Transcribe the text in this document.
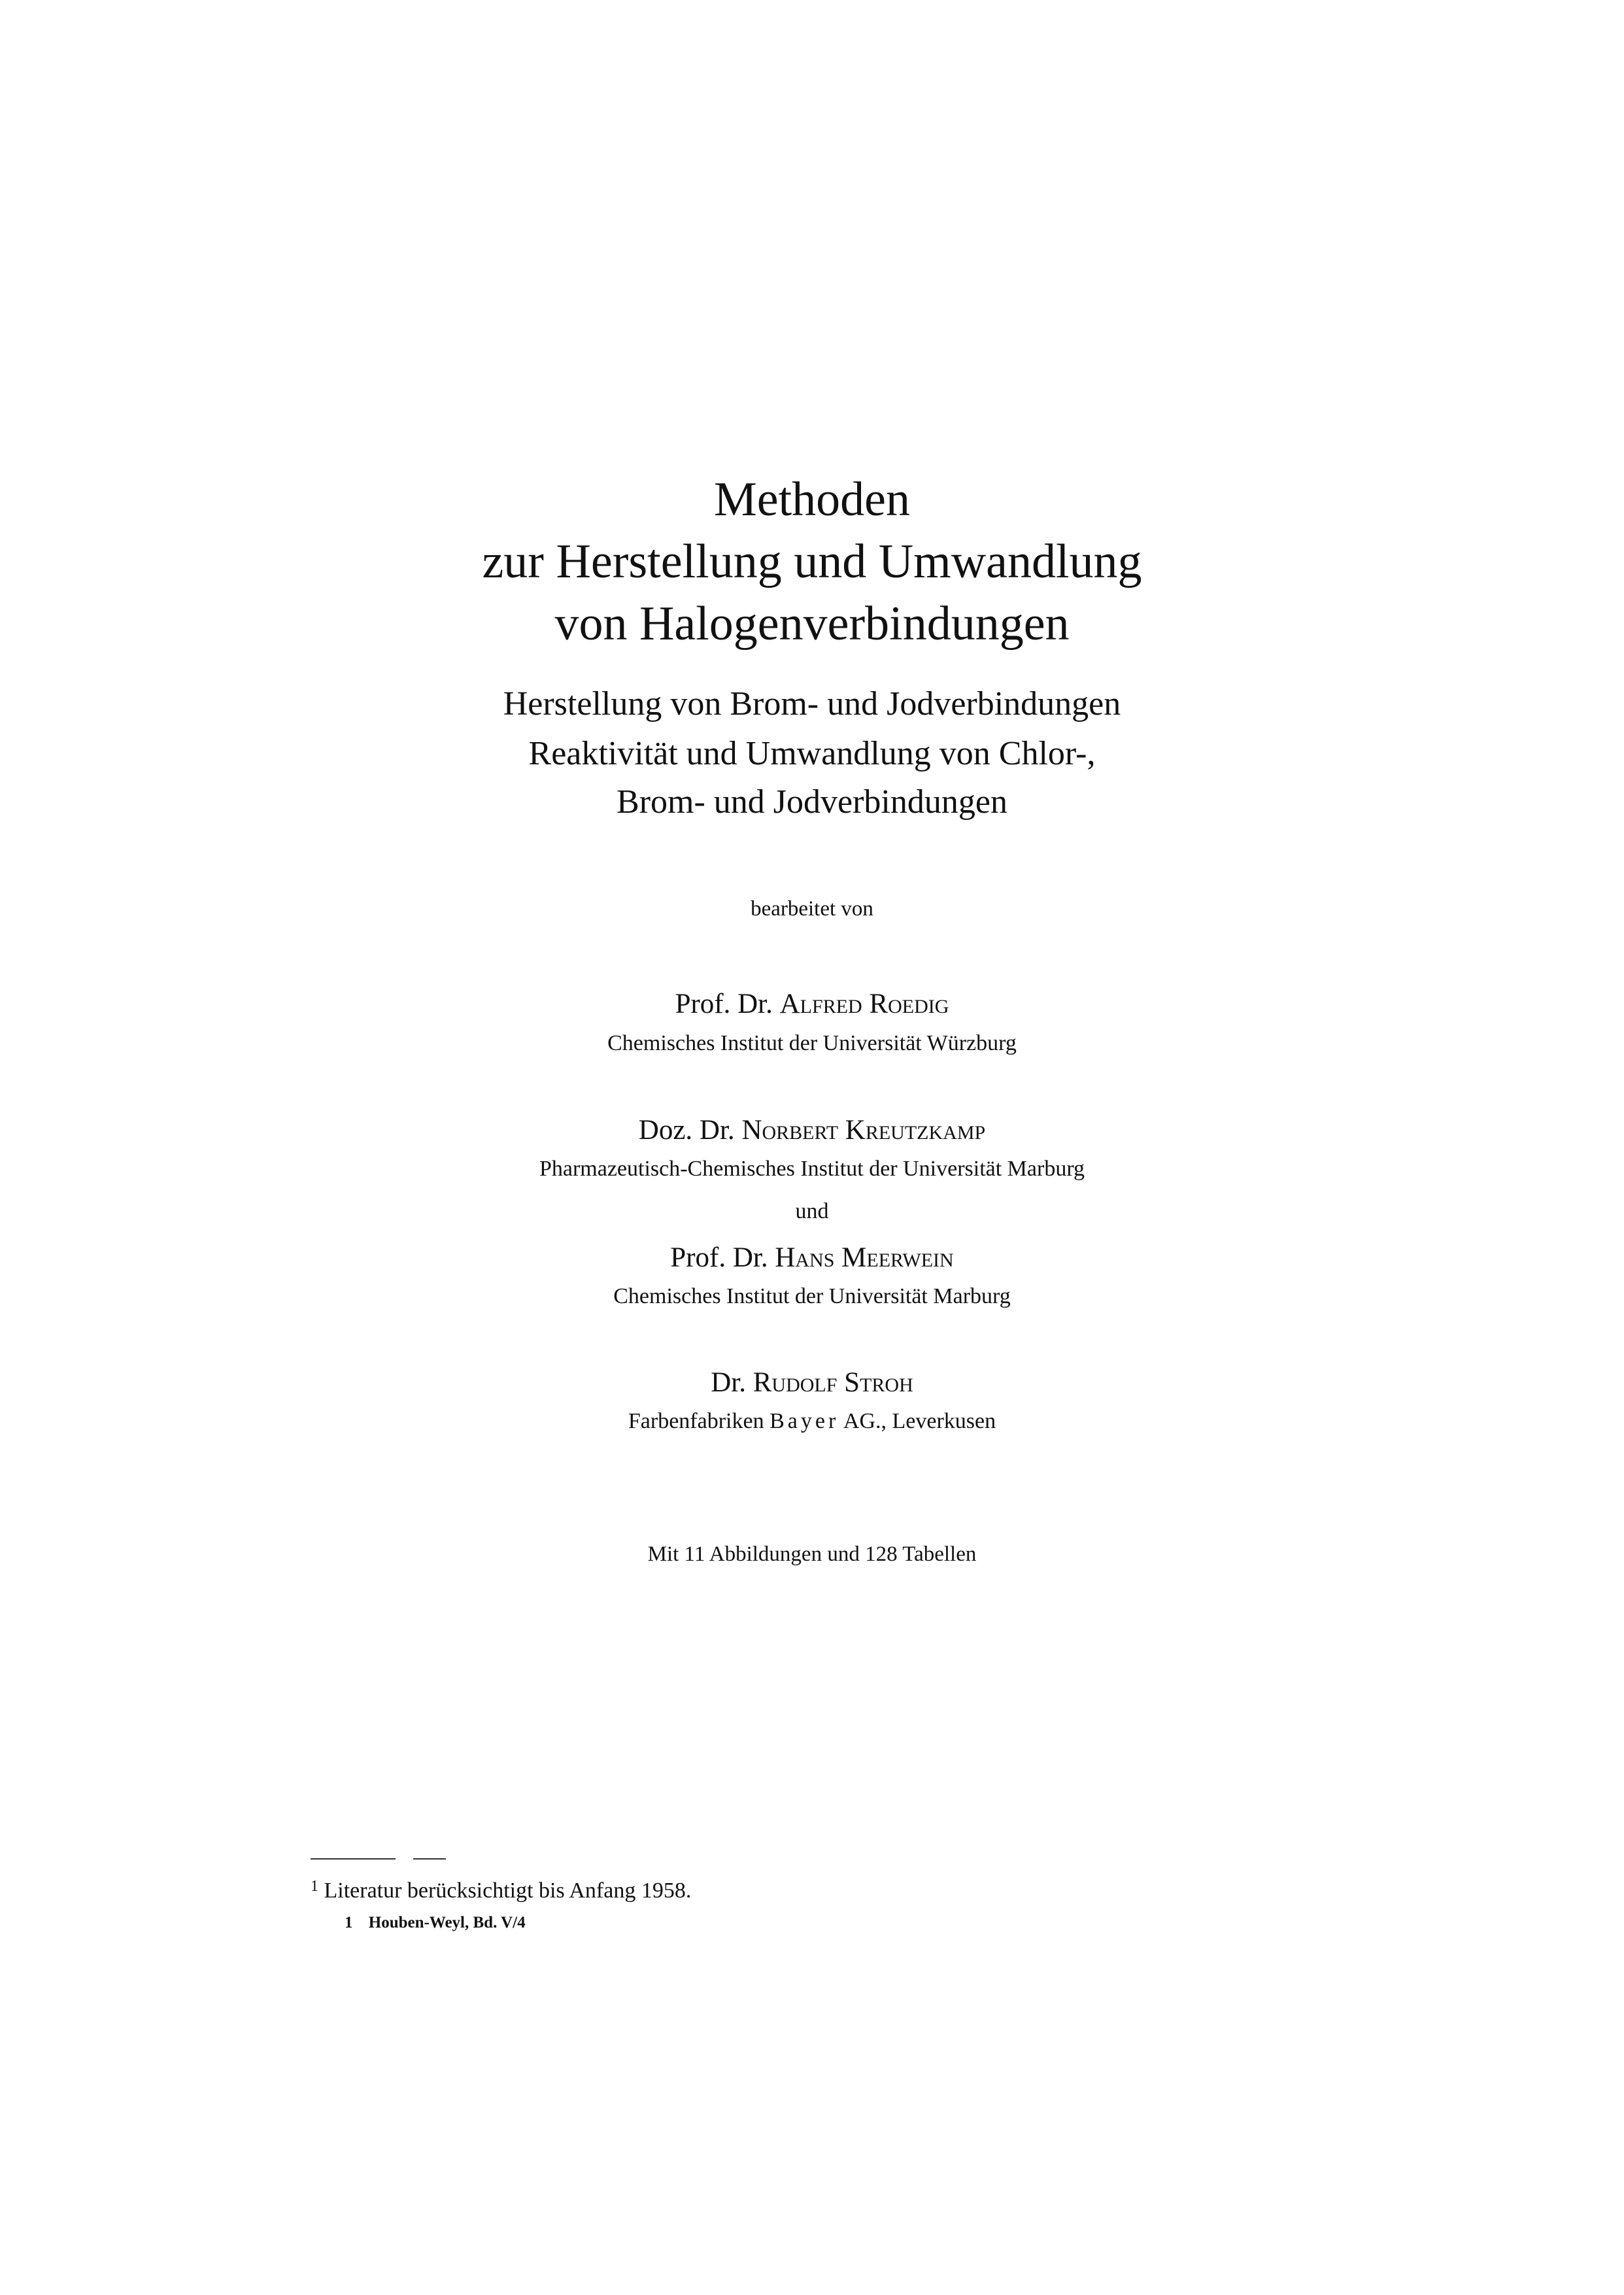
Methoden
zur Herstellung und Umwandlung
von Halogenverbindungen
Herstellung von Brom- und Jodverbindungen
Reaktivität und Umwandlung von Chlor-,
Brom- und Jodverbindungen
bearbeitet von
Prof. Dr. Alfred Roedig
Chemisches Institut der Universität Würzburg
Doz. Dr. Norbert Kreutzkamp
Pharmazeutisch-Chemisches Institut der Universität Marburg
und
Prof. Dr. Hans Meerwein
Chemisches Institut der Universität Marburg
Dr. Rudolf Stroh
Farbenfabriken Bayer AG., Leverkusen
Mit 11 Abbildungen und 128 Tabellen
$^1$ Literatur berücksichtigt bis Anfang 1958.
1 Houben-Weyl, Bd. V/4
